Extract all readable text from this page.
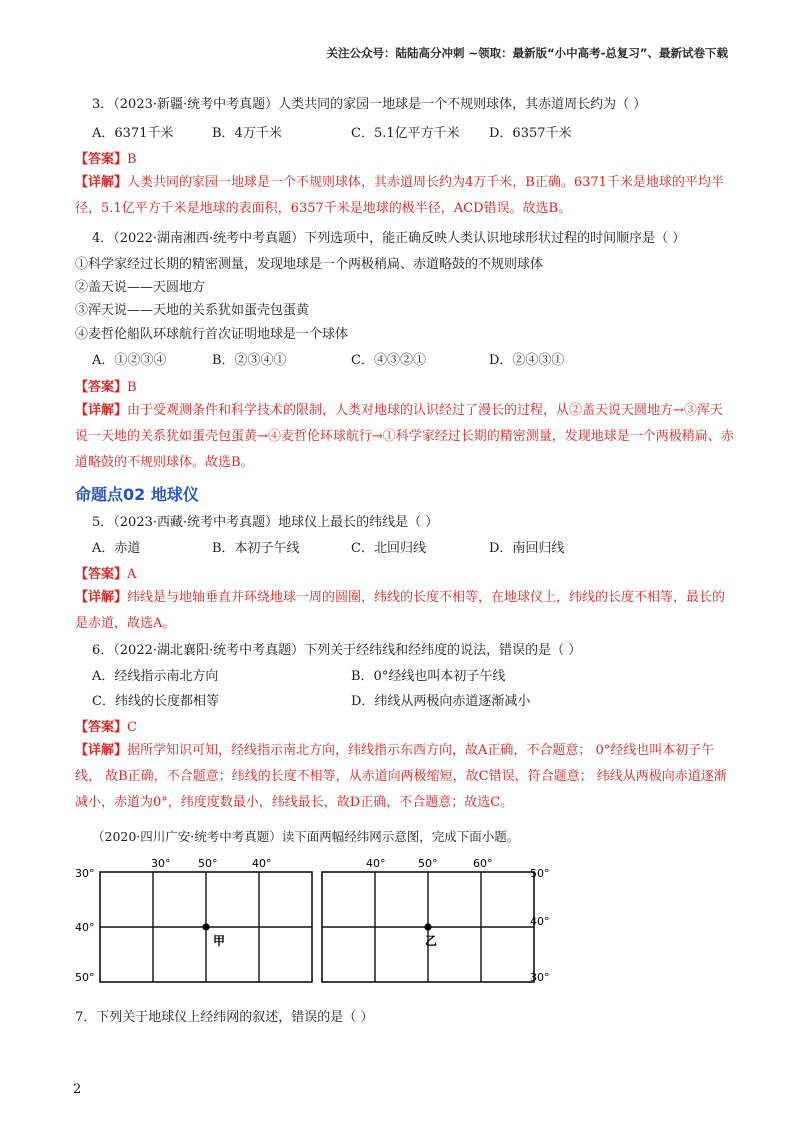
关注公众号：陆陆高分冲刺 ~领取：最新版“小中高考-总复习”、最新试卷下载
3．（2023·新疆·统考中考真题）人类共同的家园一地球是一个不规则球体，其赤道周长约为（ ）
A．6371千米	B．4万千米	C．5.1亿平方千米 D．6357千米
【答案】B
【详解】人类共同的家园一地球是一个不规则球体，其赤道周长约为4万千米，B正确。6371千米是地球的平均半径，5.1亿平方千米是地球的表面积，6357千米是地球的极半径，ACD错误。故选B。
4．（2022·湖南湘西·统考中考真题）下列选项中，能正确反映人类认识地球形状过程的时间顺序是（ ）
①科学家经过长期的精密测量，发现地球是一个两极稍扁、赤道略鼓的不规则球体
②盖天说——天圆地方
③浑天说——天地的关系犹如蛋壳包蛋黄
④麦哲伦船队环球航行首次证明地球是一个球体
A．①②③④	B．②③④①	C．④③②①	D．②④③①
【答案】B
【详解】由于受观测条件和科学技术的限制，人类对地球的认识经过了漫长的过程，从②盖天说天圆地方→③浑天说一天地的关系犹如蛋壳包蛋黄→④麦哲伦环球航行→①科学家经过长期的精密测量，发现地球是一个两极稍扁、赤道略鼓的不规则球体。故选B。
命题点02 地球仪
5．（2023·西藏·统考中考真题）地球仪上最长的纬线是（ ）
A．赤道	B．本初子午线	C．北回归线	D．南回归线
【答案】A
【详解】纬线是与地轴垂直并环绕地球一周的圆圈，纬线的长度不相等，在地球仪上，纬线的长度不相等，最长的是赤道，故选A。
6．（2022·湖北襄阳·统考中考真题）下列关于经纬线和经纬度的说法，错误的是（ ）
A．经线指示南北方向	B．0°经线也叫本初子午线
C．纬线的长度都相等	D．纬线从两极向赤道逐渐减小
【答案】C
【详解】据所学知识可知，经线指示南北方向，纬线指示东西方向，故A正确，不合题意； 0°经线也叫本初子午线， 故B正确，不合题意；纬线的长度不相等，从赤道向两极缩短，故C错误，符合题意； 纬线从两极向赤道逐渐减小，赤道为0°，纬度度数最小，纬线最长，故D正确，不合题意；故选C。
（2020·四川广安·统考中考真题）读下面两幅经纬网示意图，完成下面小题。
30°	50°	40°
30°
40°
50°
甲
40°	50°	60°
50°
40°
30°
乙
7．下列关于地球仪上经纬网的叙述，错误的是（ ）
2
